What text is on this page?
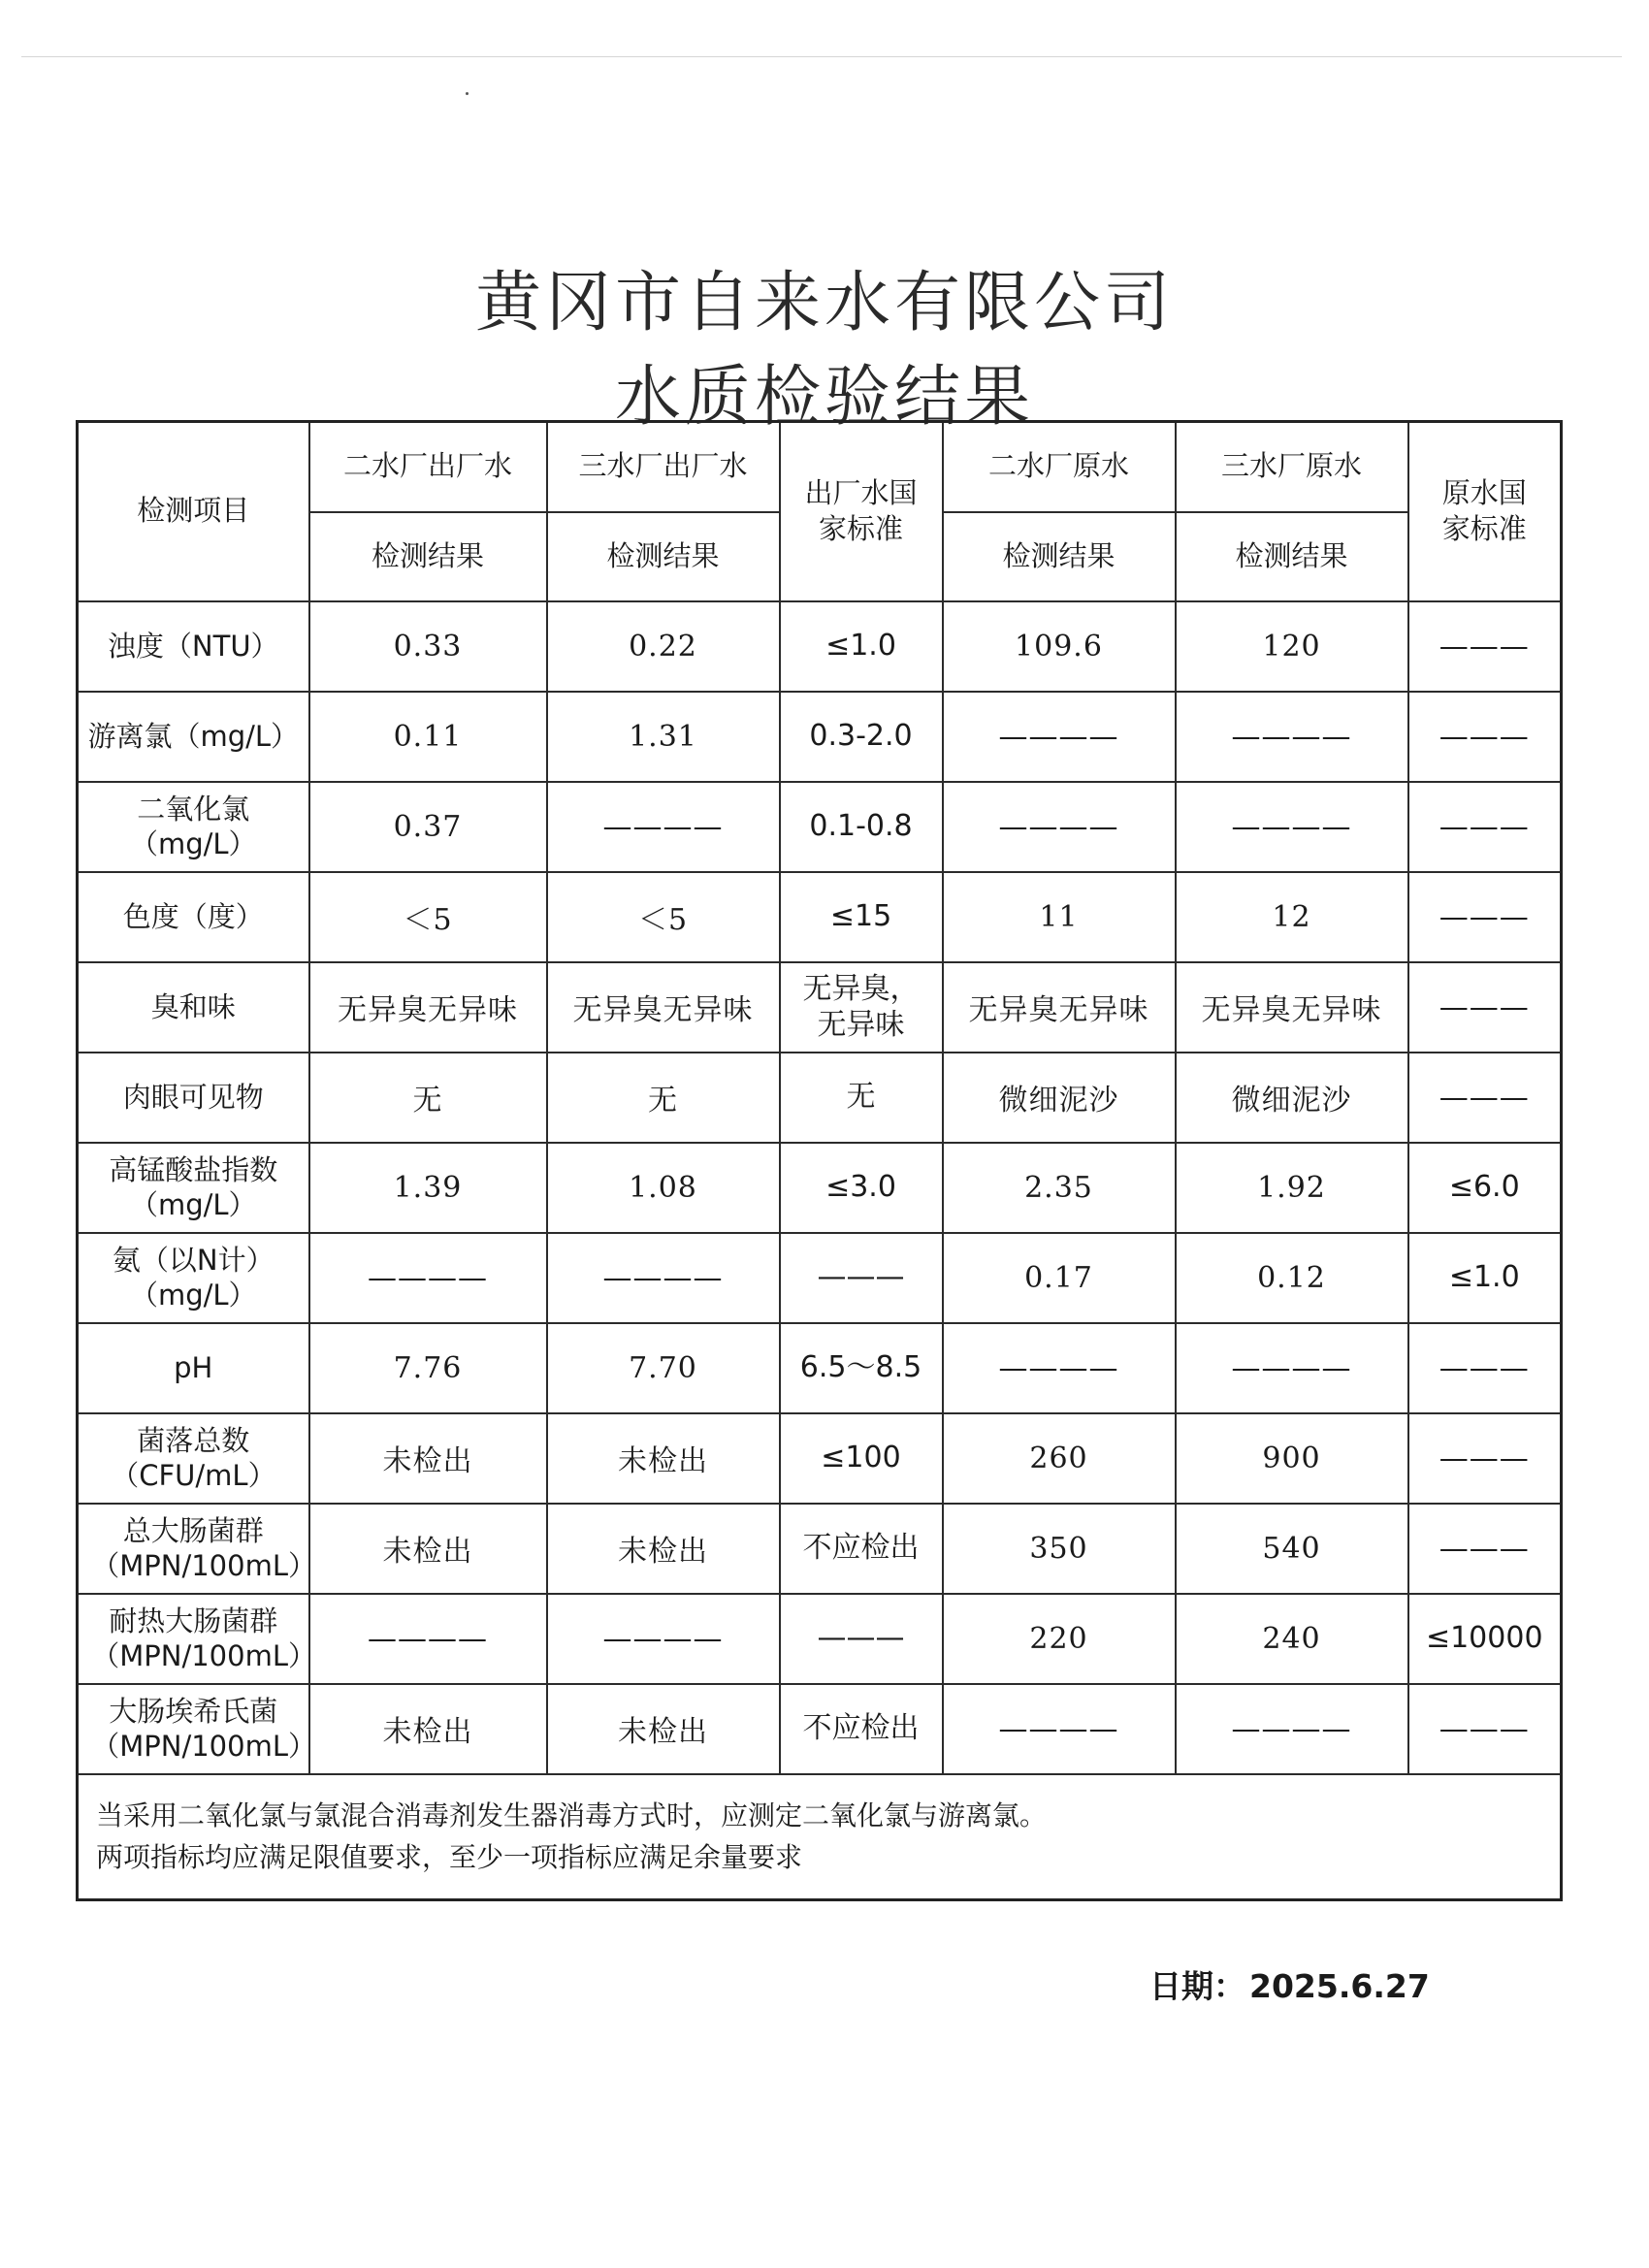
黄冈市自来水有限公司
水质检验结果
检测项目	二水厂出厂水	三水厂出厂水	出厂水国家标准	二水厂原水	三水厂原水	原水国家标准

	检测结果	检测结果		检测结果	检测结果	
浊度（NTU）	0.33	0.22	≤1.0	109.6	120	———
游离氯（mg/L）	0.11	1.31	0.3-2.0	————	————	———

二氧化氯（mg/L）	0.37	————	0.1-0.8	————	————	———
色度（度）	＜5	＜5	≤15	11	12	———
臭和味	无异臭无异味	无异臭无异味	无异臭，无异味	无异臭无异味	无异臭无异味	———
肉眼可见物	无	无	无	微细泥沙	微细泥沙	———

高锰酸盐指数（mg/L）	1.39	1.08	≤3.0	2.35	1.92	≤6.0

氨（以N计）（mg/L）	————	————	———	0.17	0.12	≤1.0
pH	7.76	7.70	6.5～8.5	————	————	———

菌落总数（CFU/mL）	未检出	未检出	≤100	260	900	———

总大肠菌群（MPN/100mL）	未检出	未检出	不应检出	350	540	———

耐热大肠菌群（MPN/100mL）	————	————	———	220	240	≤10000

大肠埃希氏菌（MPN/100mL）	未检出	未检出	不应检出	————	————	———

当采用二氧化氯与氯混合消毒剂发生器消毒方式时，应测定二氧化氯与游离氯。
两项指标均应满足限值要求，至少一项指标应满足余量要求						
日期： 2025.6.27
